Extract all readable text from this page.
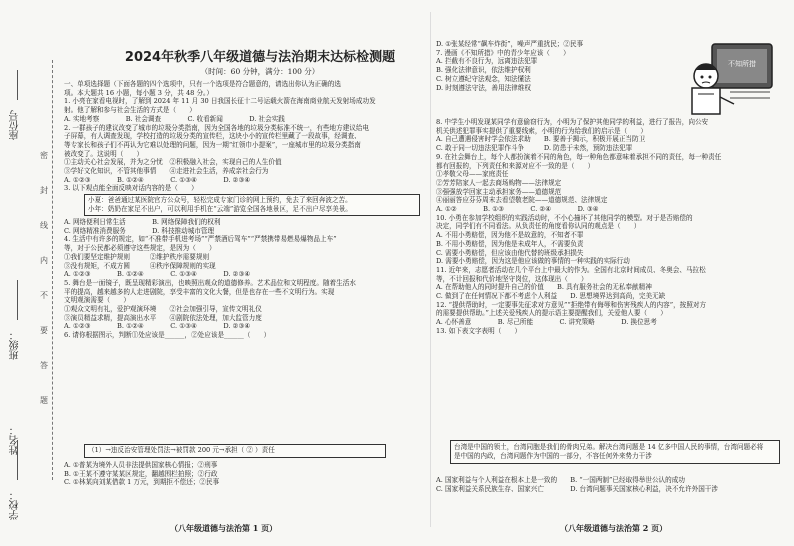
座位号
班级：
姓名：
学校：
密
封
线
内
不
要
答
题
2024年秋季八年级道德与法治期末达标检测题
（时间：60 分钟，满分：100 分）

一、单项选择题（下面各题的四个选项中，只有一个选项是符合题意的，请选出你认为正确的选

项。本大题共 16 小题，每小题 3 分，共 48 分。）

1. 小亮在家看电视时，了解到 2024 年 11 月 30 日我国长征十二号运载火箭在海南商业航天发射场成功发

射。他了解和参与社会生活的方式是（　　）

A. 实地考察　　　　B. 社会调查　　　　C. 收看新闻　　　　D. 社会实践

2. 一群孩子的建议改变了城市的垃圾分类指南，因为全国各地的垃圾分类标准不统一，有些地方建议给电

子屏幕，有人调查发现，学校打造的垃圾分类的宣传栏，这块小小的宣传栏里藏了一段故事，经调查、

等专家长和孩子们不再认为它难以处理的问题，因为一期“红领巾小提案”，一座城市里的垃圾分类指南

被改变了。这说明（　　）

①主动关心社会发展，并为之分忧　②积极融入社会，实现自己的人生价值

③学好文化知识，不管其他事情　　④走进社会生活，养成亲社会行为

A. ①②③　　　　B. ①②④　　　　C. ①③④　　　　D. ②③④

3. 以下观点能全面反映对话内容的是（　　）

小夏：爸爸通过某医院官方公众号，轻松完成专家门诊的网上预约，免去了来回奔波之苦。

小年：奶奶在家足不出户，可以利用手机在“云端”游览全国各地景区，足不出户尽享美景。

A. 网络便利日常生活　　　　B. 网络保障我们的权利

C. 网络精准消费服务　　　　D. 科技推动城市管理

4. 生活中有许多的规定，如“不准带手机进考场”“严禁酒后驾车”“严禁携带易燃易爆物品上车”

等，对于公民都必须遵守这些规定，是因为（　　）

①我们要坚定维护规则　　　②维护秩序需要规则

③没有规矩，不成方圆　　　④秩序保障规则的实现

A. ①②③　　　　B. ①②④　　　　C. ①③④　　　　D. ②③④

5. 舞台是一面镜子，既呈现精彩演出，也映照出观众的道德修养。艺术品位和文明程度。随着生活水

平的提高，越来越多的人走进剧院，享受丰富的文化大餐，但是也存在一些不文明行为。实现

文明观演需要（　　）

①观众文明有礼，爱护观演环境　　②社会加强引导，宣传文明礼仪

③演员精益求精，提高演出水平　　④剧院依法处理，加大监管力度

A. ①②③　　　　B. ①②④　　　　C. ①③④　　　　D. ②③④

6. 请你根据图示，判断①处应该是______，②处应该是______（　　）

（1）→违反治安管理处罚法→被罚款 200 元→承担（ ② ）责任

A. ①普某为境外人员非法提供国家核心情报；②刑事

B. ①王某不遵守某某区规定，翻越围栏拍照；②行政

C. ①林某向刘某借款 1 万元，到期拒不偿还；②民事

（八年级道德与法治第 1 页）

D. ①张某经常“飙车炸街”，噪声严重扰民；②民事

7. 漫画《不知所措》中的青少年应该（　　）

A. 拦截有不良行为，远离违法犯罪

B. 强化法律意识，依法维护权利

C. 树立遵纪守法观念，知法懂法

D. 时刻遵法守法，善用法律维权

8. 中学生小明发现某同学有意偷窃行为，小明为了保护其他同学的利益，进行了报告，向公安

机关供述犯罪事实提供了重要线索，小明的行为给我们的启示是（　　）

A. 自己遭遇侵害时学会依法求助　　B. 要善于揭示，积极开展正当防卫

C. 敢于同一切违法犯罪作斗争　　　D. 防患于未然，预防违法犯罪

9. 在社会舞台上，每个人都扮演着不同的角色，每一种角色都意味着承担不同的责任，每一种责任

都有回报的，下列责任和来源对应不一致的是（　　）

①孝敬父母——家庭责任

②芳芳陪家人一起去商场购物——法律规定

③强强放学回家主动承担家务——道德规范

④丽丽答应芬芬周末去看望敬老院——道德规范、法律规定

A. ①②　　　　B. ①③　　　　C. ②④　　　　D. ③④

10. 小勇在参加学校组织的实践活动时，不小心撞坏了其他同学的模型。对于是否赔偿的

决定，同学们有不同看法。从负责任的角度看你认同的观点是（　　）

A. 不用小勇赔偿，因为他不是故意的，不知者不罪

B. 不用小勇赔偿，因为他是未成年人，不需要负责

C. 需要小勇赔偿，但应该由他代替的班级承担损失

D. 需要小勇赔偿，因为这是他应该做的事情的一种实践的实际行动

11. 近年来，志愿者活动在几个平台上中最大的作为。全国有北京时间成员、冬奥会、马拉松

等，不计回报和代价地坚守岗位，这体现出（　　）

A. 在帮助他人的同时提升自己的价值　　B. 具有服务社会的无私奉献精神

C. 做到了在任何情况下都不考虑个人利益　　D. 思想境界达到高尚，完美无缺

12. “提供帮助时，一定要事先征求对方意见”“拒绝带有侮辱和伤害残疾人的内容”，按照对方

的需要提供帮助。”上述关爱残疾人的提示语主要提醒我们，关爱他人要（　　）

A. 心怀善意　　　　B. 尽己所能　　　　C. 讲究策略　　　　D. 换位思考

13. 如下表文字表明（　　）

台湾是中国的领土，台湾同胞是我们的骨肉兄弟。解决台湾问题是 14 亿多中国人民的事情，台湾问题必将

是中国的内政，台湾问题作为中国的一部分，不容任何外来势力干涉

A. 国家利益与个人利益在根本上是一致的　　B. “一国两制”已经取得举世公认的成功

C. 国家利益关系民族生存、国家兴亡　　　　D. 台湾问题事关国家核心利益，决不允许外国干涉

不知所措
（八年级道德与法治第 2 页）
